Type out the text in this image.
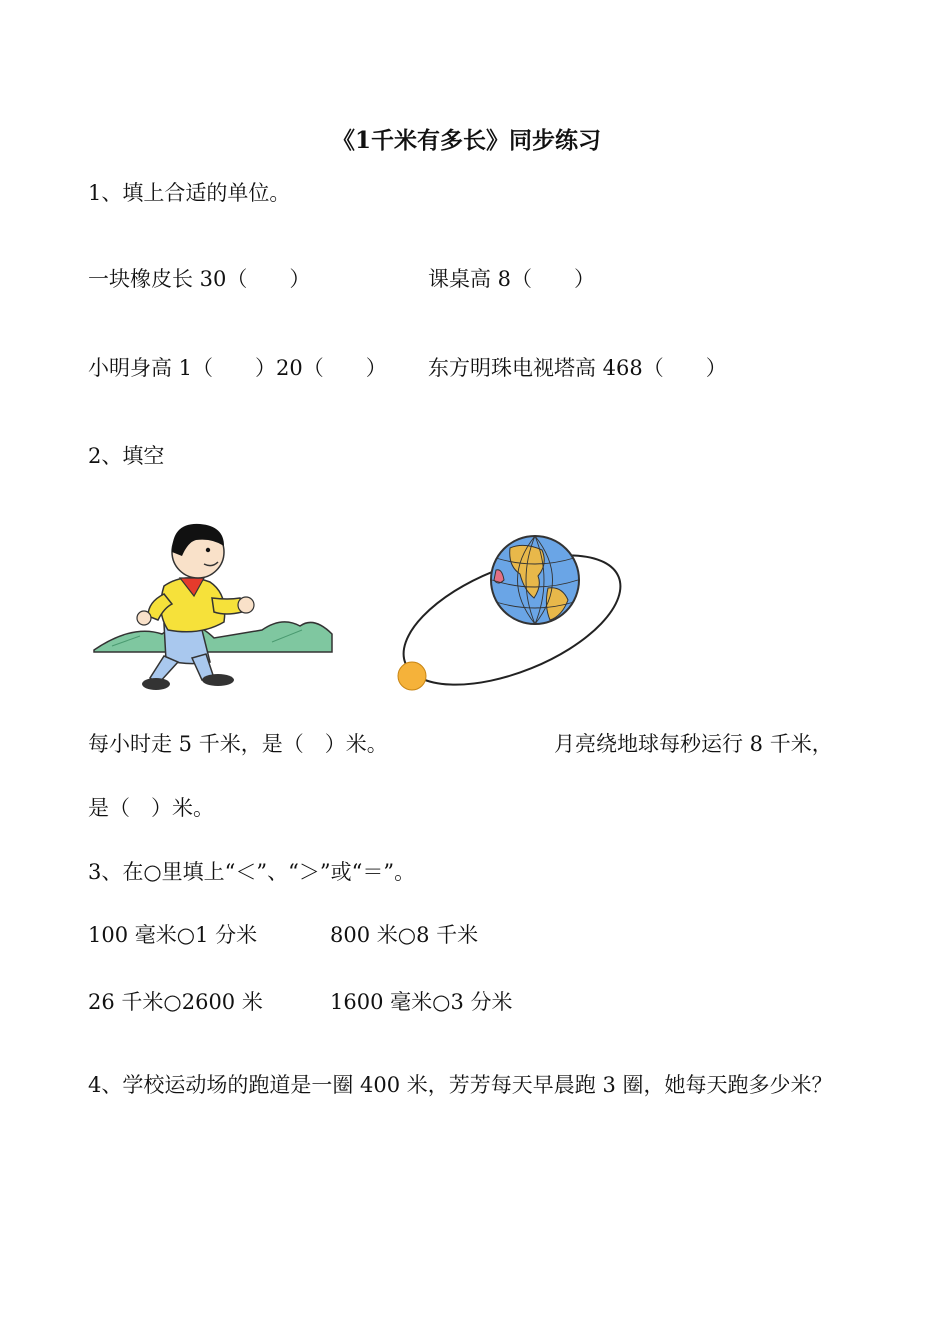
《1千米有多长》同步练习
1、填上合适的单位。
一块橡皮长 30（　　）	课桌高 8（　　）
小明身高 1（　　）20（　　） 东方明珠电视塔高 468（　　）
2、填空
每小时走 5 千米，是（　）米。	月亮绕地球每秒运行 8 千米，
是（　）米。
3、在○里填上“＜”、“＞”或“＝”。
100 毫米○1 分米	800 米○8 千米
26 千米○2600 米	1600 毫米○3 分米
4、学校运动场的跑道是一圈 400 米，芳芳每天早晨跑 3 圈，她每天跑多少米？
